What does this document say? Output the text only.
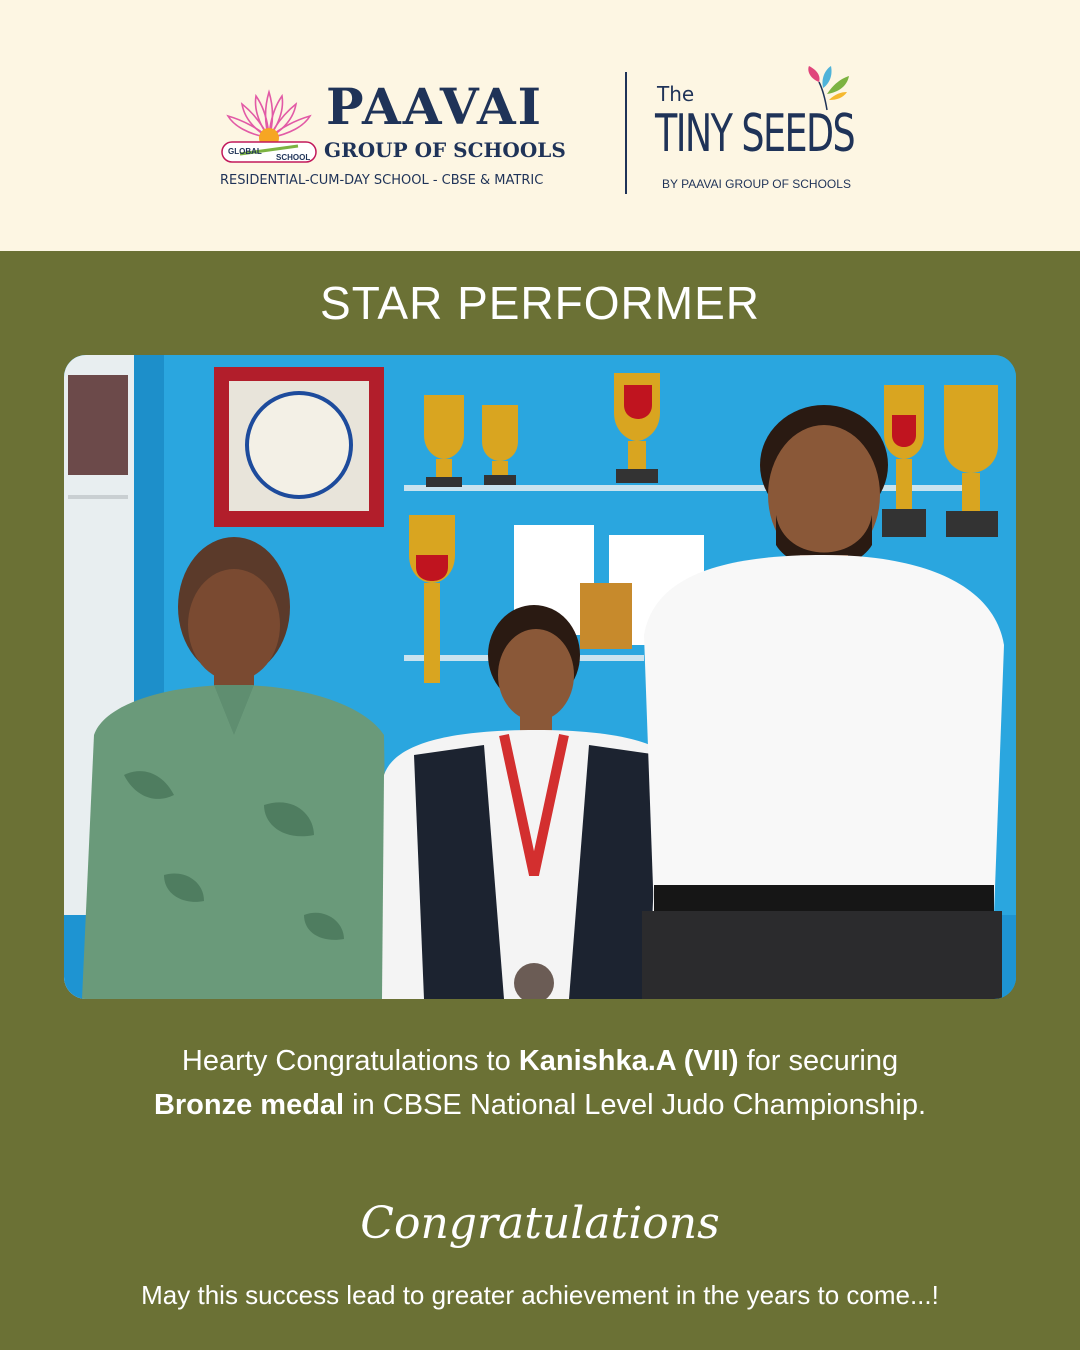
GLOBAL
SCHOOL
PAAVAI
GROUP OF SCHOOLS
RESIDENTIAL-CUM-DAY SCHOOL - CBSE & MATRIC
The
TINY SEEDS
BY PAAVAI GROUP OF SCHOOLS
STAR PERFORMER
Hearty Congratulations to Kanishka.A (VII) for securing
Bronze medal in CBSE National Level Judo Championship.
Congratulations
May this success lead to greater achievement in the years to come...!
